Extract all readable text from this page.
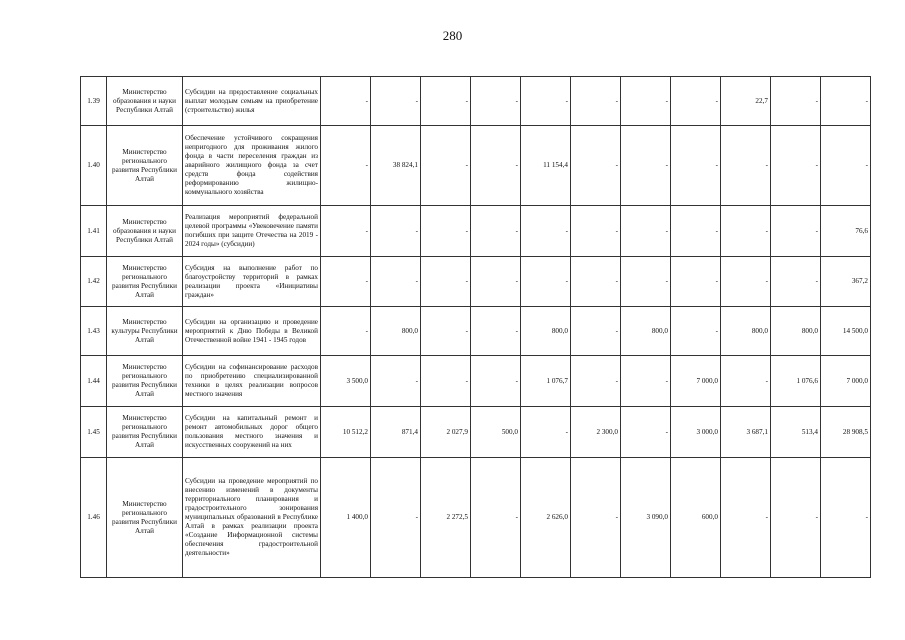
280
1.39	Министерство образования и науки Республики Алтай	Субсидии на предоставление социальных выплат молодым семьям на приобретение (строительство) жилья	-	-	-	-	-	-	-	-	22,7	-	-
1.40	Министерство регионального развития Республики Алтай	Обеспечение устойчивого сокращения непригодного для проживания жилого фонда в части переселения граждан из аварийного жилищного фонда за счет средств фонда содействия реформированию жилищно-коммунального хозяйства	-	38 824,1	-	-	11 154,4	-	-	-	-	-	-
1.41	Министерство образования и науки Республики Алтай	Реализация мероприятий федеральной целевой программы «Увековечение памяти погибших при защите Отечества на 2019 - 2024 годы» (субсидии)	-	-	-	-	-	-	-	-	-	-	76,6
1.42	Министерство регионального развития Республики Алтай	Субсидия на выполнение работ по благоустройству территорий в рамках реализации проекта «Инициативы граждан»	-	-	-	-	-	-	-	-	-	-	367,2
1.43	Министерство культуры Республики Алтай	Субсидии на организацию и проведение мероприятий к Дню Победы в Великой Отечественной войне 1941 - 1945 годов	-	800,0	-	-	800,0	-	800,0	-	800,0	800,0	14 500,0
1.44	Министерство регионального развития Республики Алтай	Субсидии на софинансирование расходов по приобретению специализированной техники в целях реализации вопросов местного значения	3 500,0	-	-	-	1 076,7	-	-	7 000,0	-	1 076,6	7 000,0
1.45	Министерство регионального развития Республики Алтай	Субсидии на капитальный ремонт и ремонт автомобильных дорог общего пользования местного значения и искусственных сооружений на них	10 512,2	871,4	2 027,9	500,0	-	2 300,0	-	3 000,0	3 687,1	513,4	28 908,5
1.46	Министерство регионального развития Республики Алтай	Субсидии на проведение мероприятий по внесению изменений в документы территориального планирования и градостроительного зонирования муниципальных образований в Республике Алтай в рамках реализации проекта «Создание Информационной системы обеспечения градостроительной деятельности»	1 400,0	-	2 272,5	-	2 626,0	-	3 090,0	600,0	-	-	-
